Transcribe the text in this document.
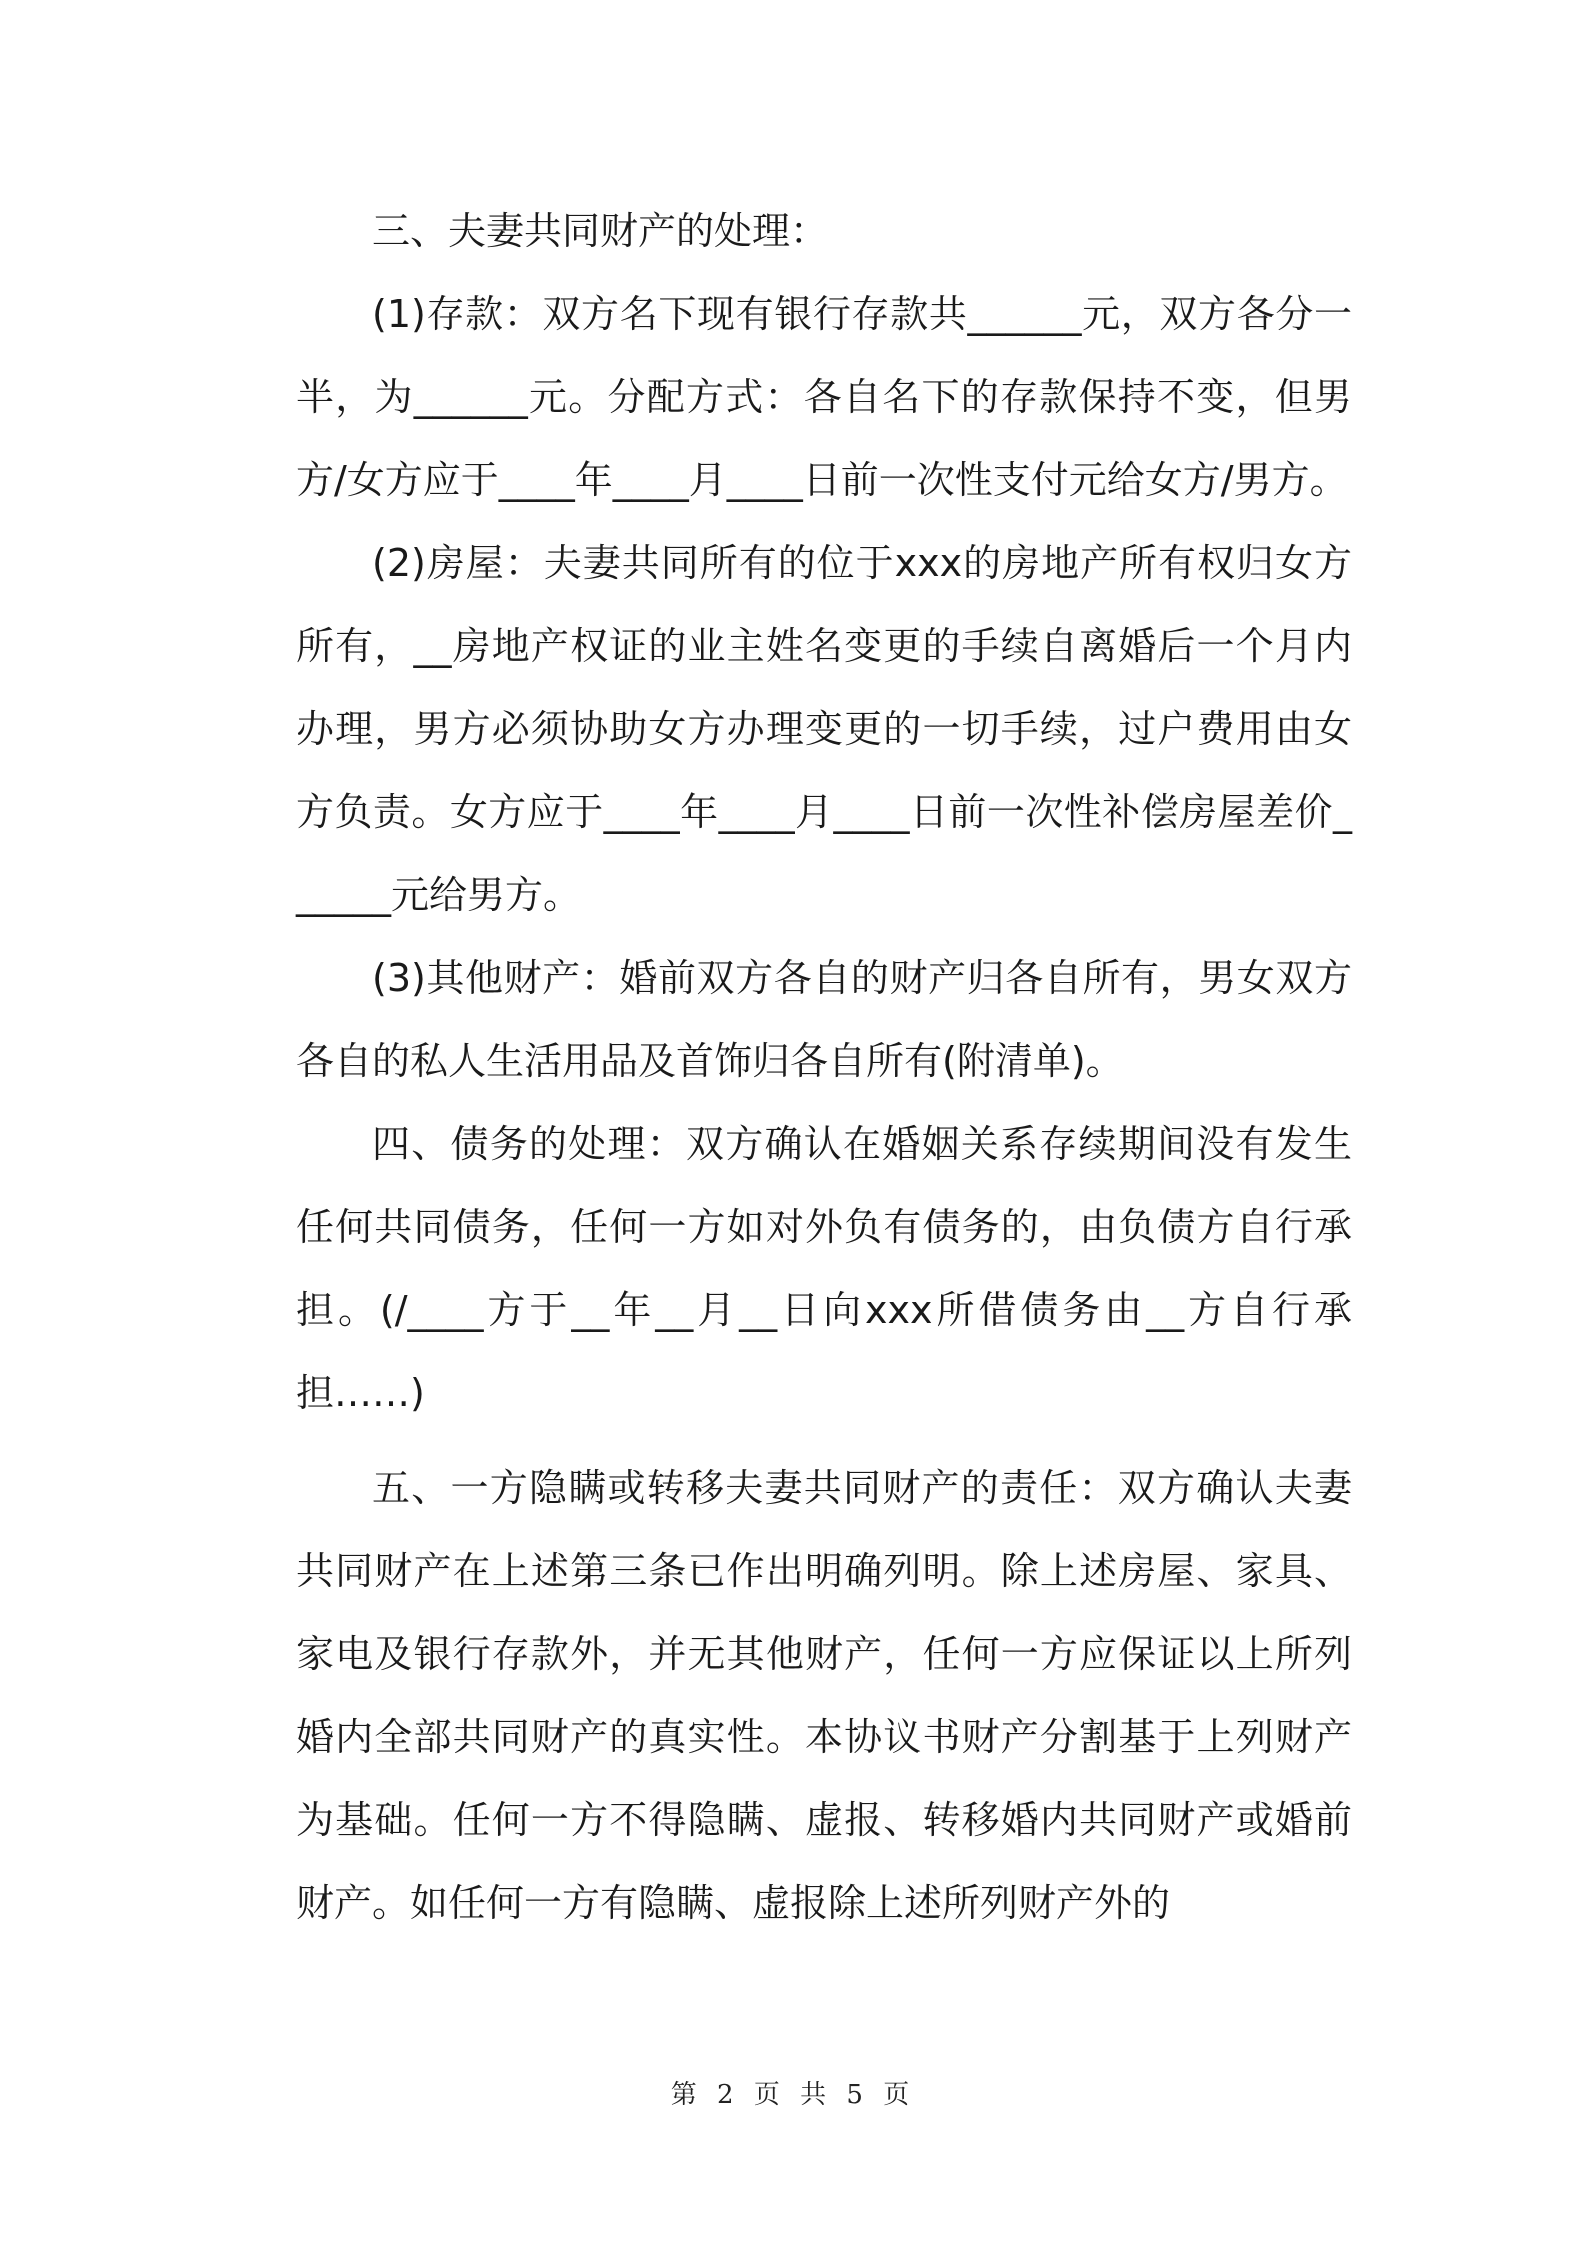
三、夫妻共同财产的处理：

(1)存款：双方名下现有银行存款共______元，双方各分一半，为______元。分配方式：各自名下的存款保持不变，但男方/女方应于____年____月____日前一次性支付元给女方/男方。

(2)房屋：夫妻共同所有的位于xxx的房地产所有权归女方所有，__房地产权证的业主姓名变更的手续自离婚后一个月内办理，男方必须协助女方办理变更的一切手续，过户费用由女方负责。女方应于____年____月____日前一次性补偿房屋差价______元给男方。

(3)其他财产：婚前双方各自的财产归各自所有，男女双方各自的私人生活用品及首饰归各自所有(附清单)。

四、债务的处理：双方确认在婚姻关系存续期间没有发生任何共同债务，任何一方如对外负有债务的，由负债方自行承担。(/____方于__年__月__日向xxx所借债务由__方自行承担……)

五、一方隐瞒或转移夫妻共同财产的责任：双方确认夫妻共同财产在上述第三条已作出明确列明。除上述房屋、家具、家电及银行存款外，并无其他财产，任何一方应保证以上所列婚内全部共同财产的真实性。本协议书财产分割基于上列财产为基础。任何一方不得隐瞒、虚报、转移婚内共同财产或婚前财产。如任何一方有隐瞒、虚报除上述所列财产外的

第 2 页 共 5 页
